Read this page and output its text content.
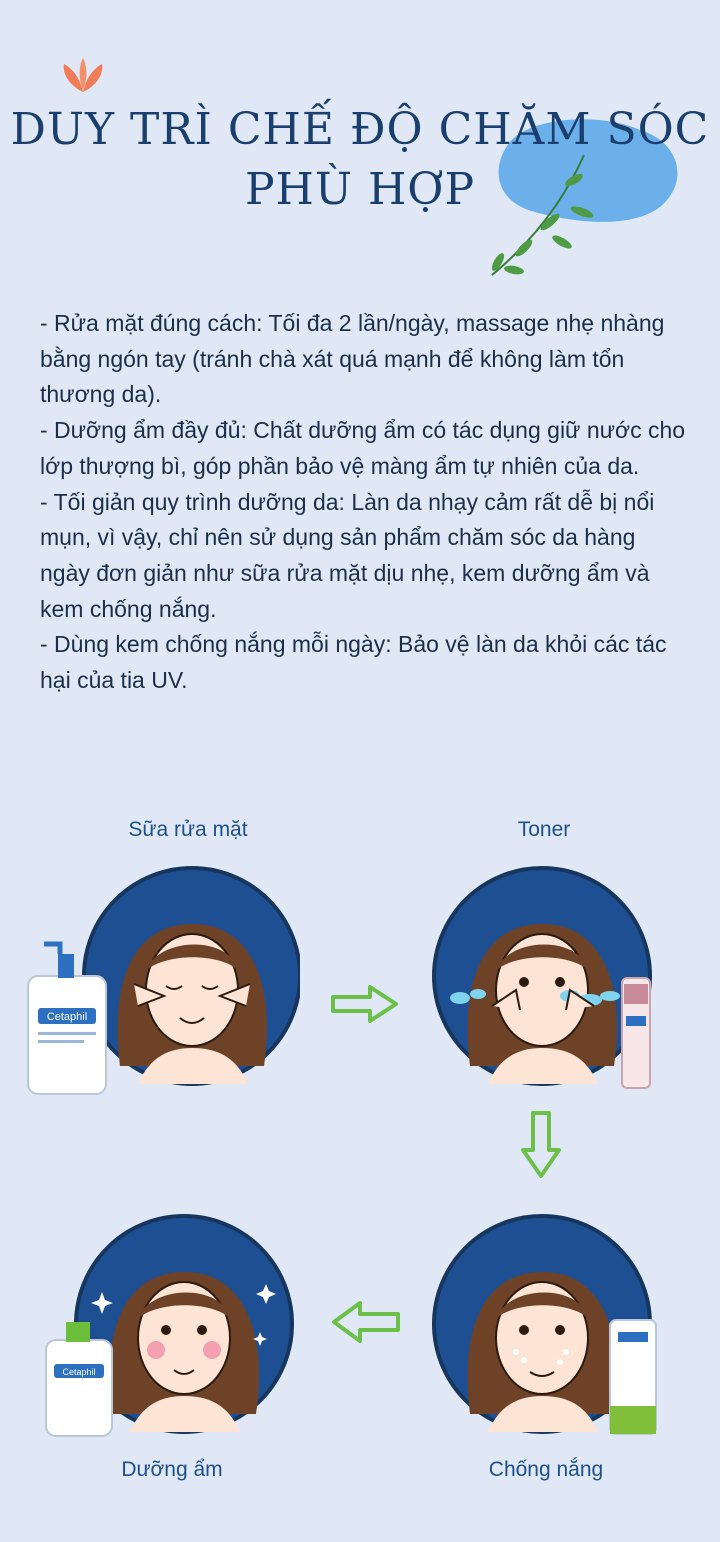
DUY TRÌ CHẾ ĐỘ CHĂM SÓC
PHÙ HỢP

- Rửa mặt đúng cách: Tối đa 2 lần/ngày, massage nhẹ nhàng bằng ngón tay (tránh chà xát quá mạnh để không làm tổn thương da).

- Dưỡng ẩm đầy đủ: Chất dưỡng ẩm có tác dụng giữ nước cho lớp thượng bì, góp phần bảo vệ màng ẩm tự nhiên của da.

- Tối giản quy trình dưỡng da: Làn da nhạy cảm rất dễ bị nổi mụn, vì vậy, chỉ nên sử dụng sản phẩm chăm sóc da hàng ngày đơn giản như sữa rửa mặt dịu nhẹ, kem dưỡng ẩm và kem chống nắng.

- Dùng kem chống nắng mỗi ngày: Bảo vệ làn da khỏi các tác hại của tia UV.

Sữa rửa mặt	Toner
Dưỡng ẩm	Chống nắng
Cetaphil
Cetaphil
